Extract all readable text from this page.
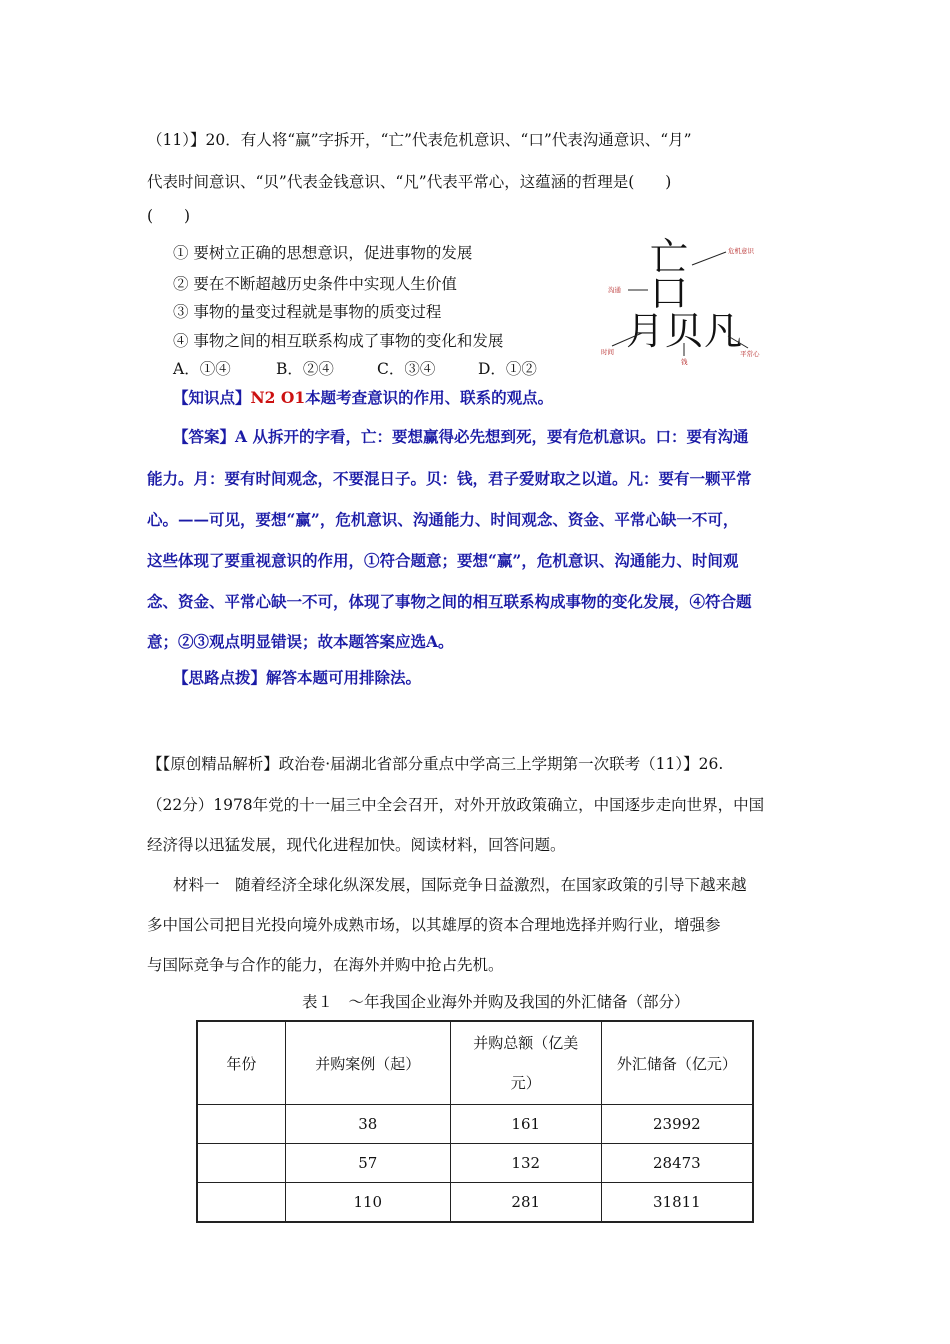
（11）】20．有人将“赢”字拆开，“亡”代表危机意识、“口”代表沟通意识、“月”
代表时间意识、“贝”代表金钱意识、“凡”代表平常心，这蕴涵的哲理是(　　)
(　　)
① 要树立正确的思想意识，促进事物的发展
② 要在不断超越历史条件中实现人生价值
③ 事物的量变过程就是事物的质变过程
④ 事物之间的相互联系构成了事物的变化和发展
A．①④	B．②④	C．③④	D．①②
亡
口
月 贝 凡
危机意识
沟通
时间
钱
平常心
【知识点】N2 O1本题考查意识的作用、联系的观点。
【答案】A 从拆开的字看，亡：要想赢得必先想到死，要有危机意识。口：要有沟通
能力。月：要有时间观念，不要混日子。贝：钱，君子爱财取之以道。凡：要有一颗平常
心。——可见，要想“赢”，危机意识、沟通能力、时间观念、资金、平常心缺一不可，
这些体现了要重视意识的作用，①符合题意；要想“赢”，危机意识、沟通能力、时间观
念、资金、平常心缺一不可，体现了事物之间的相互联系构成事物的变化发展，④符合题
意；②③观点明显错误；故本题答案应选A。
【思路点拨】解答本题可用排除法。
【【原创精品解析】政治卷·届湖北省部分重点中学高三上学期第一次联考（11）】26.
（22分）1978年党的十一届三中全会召开，对外开放政策确立，中国逐步走向世界，中国
经济得以迅猛发展，现代化进程加快。阅读材料，回答问题。
材料一　随着经济全球化纵深发展，国际竞争日益激烈，在国家政策的引导下越来越
多中国公司把目光投向境外成熟市场，以其雄厚的资本合理地选择并购行业，增强参
与国际竞争与合作的能力，在海外并购中抢占先机。
表１　～年我国企业海外并购及我国的外汇储备（部分）
年份	并购案例（起）	并购总额（亿美
元）	外汇储备（亿元）
	38	161	23992
	57	132	28473
	110	281	31811
